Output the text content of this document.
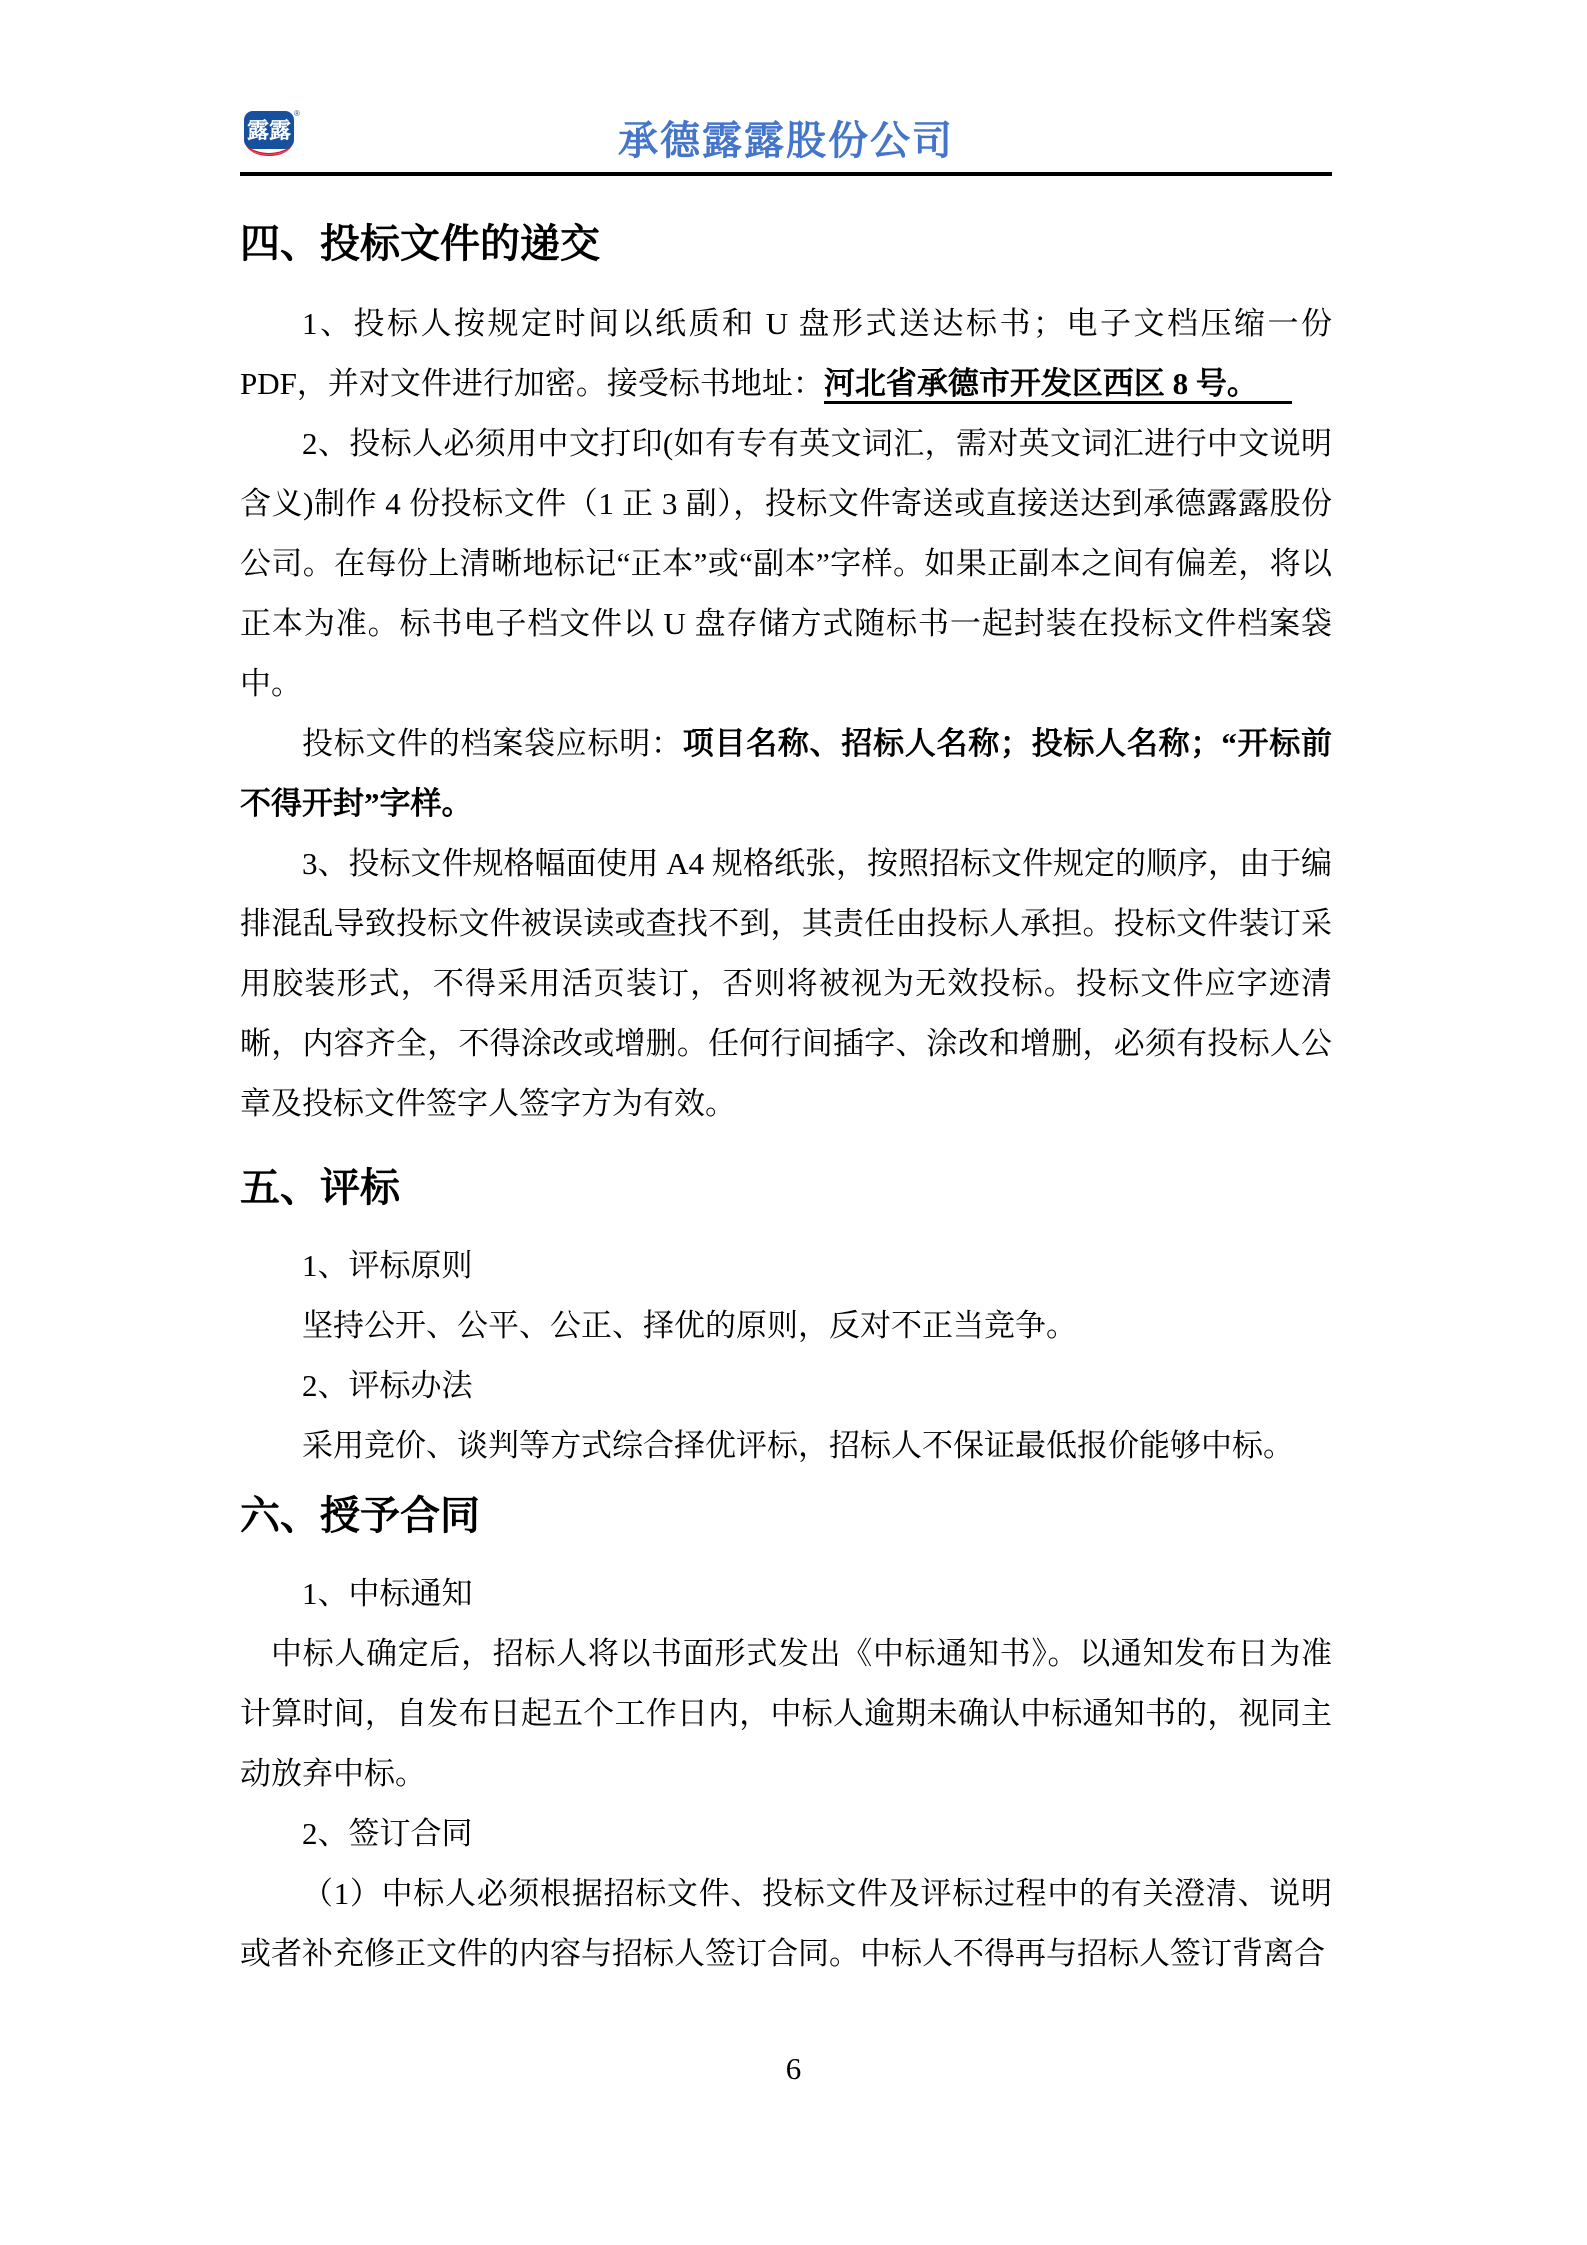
露露
®
承德露露股份公司
四、投标文件的递交

1、投标人按规定时间以纸质和 U 盘形式送达标书；电子文档压缩一份 PDF，并对文件进行加密。接受标书地址：河北省承德市开发区西区 8 号。

2、投标人必须用中文打印(如有专有英文词汇，需对英文词汇进行中文说明含义)制作 4 份投标文件（1 正 3 副），投标文件寄送或直接送达到承德露露股份公司。在每份上清晰地标记“正本”或“副本”字样。如果正副本之间有偏差，将以正本为准。标书电子档文件以 U 盘存储方式随标书一起封装在投标文件档案袋中。

投标文件的档案袋应标明：项目名称、招标人名称；投标人名称；“开标前不得开封”字样。

3、投标文件规格幅面使用 A4 规格纸张，按照招标文件规定的顺序，由于编排混乱导致投标文件被误读或查找不到，其责任由投标人承担。投标文件装订采用胶装形式，不得采用活页装订，否则将被视为无效投标。投标文件应字迹清晰，内容齐全，不得涂改或增删。任何行间插字、涂改和增删，必须有投标人公章及投标文件签字人签字方为有效。

五、评标

1、评标原则

坚持公开、公平、公正、择优的原则，反对不正当竞争。

2、评标办法

采用竞价、谈判等方式综合择优评标，招标人不保证最低报价能够中标。

六、授予合同

1、中标通知

中标人确定后，招标人将以书面形式发出《中标通知书》。以通知发布日为准计算时间，自发布日起五个工作日内，中标人逾期未确认中标通知书的，视同主动放弃中标。

2、签订合同

（1）中标人必须根据招标文件、投标文件及评标过程中的有关澄清、说明或者补充修正文件的内容与招标人签订合同。中标人不得再与招标人签订背离合

6
